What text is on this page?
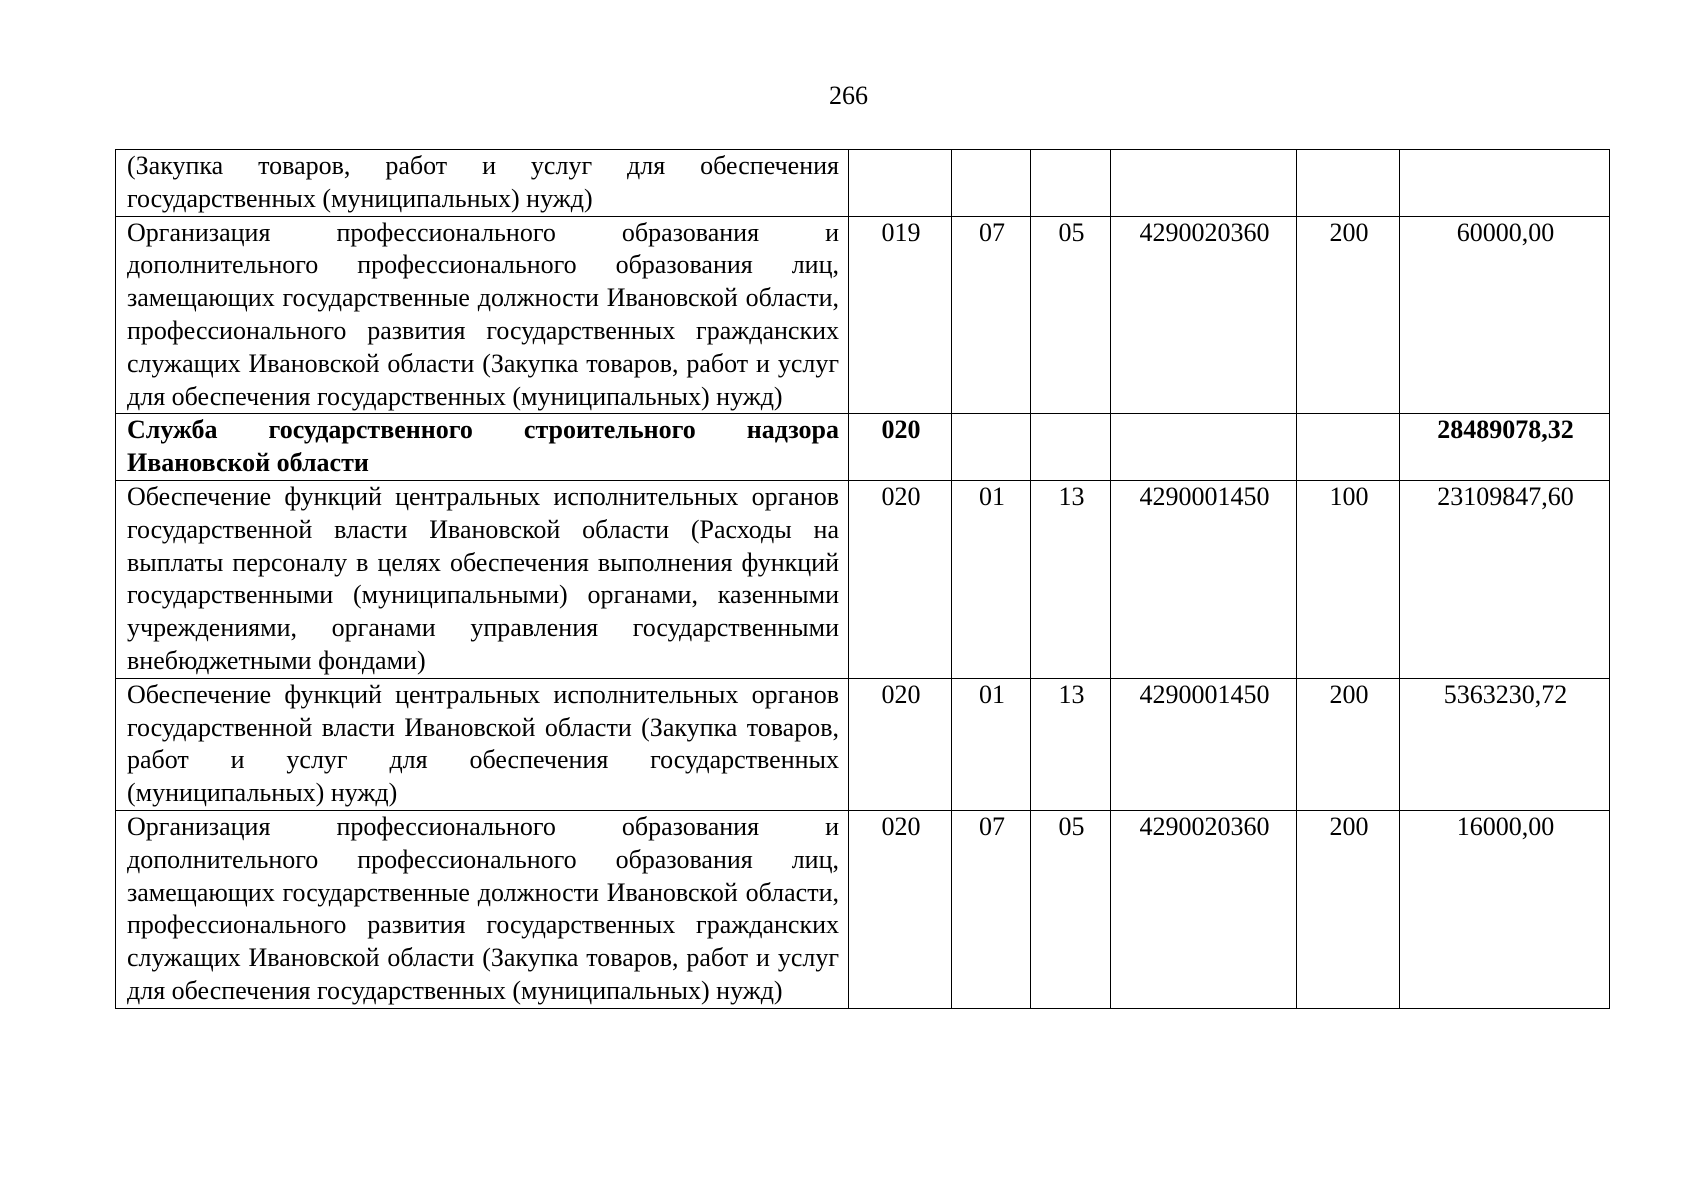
266
(Закупка товаров, работ и услуг для обеспечения государственных (муниципальных) нужд)						
Организация профессионального образования и дополнительного профессионального образования лиц, замещающих государственные должности Ивановской области, профессионального развития государственных гражданских служащих Ивановской области (Закупка товаров, работ и услуг для обеспечения государственных (муниципальных) нужд)	019	07	05	4290020360	200	60000,00
Служба государственного строительного надзора Ивановской области	020					28489078,32
Обеспечение функций центральных исполнительных органов государственной власти Ивановской области (Расходы на выплаты персоналу в целях обеспечения выполнения функций государственными (муниципальными) органами, казенными учреждениями, органами управления государственными внебюджетными фондами)	020	01	13	4290001450	100	23109847,60
Обеспечение функций центральных исполнительных органов государственной власти Ивановской области (Закупка товаров, работ и услуг для обеспечения государственных (муниципальных) нужд)	020	01	13	4290001450	200	5363230,72
Организация профессионального образования и дополнительного профессионального образования лиц, замещающих государственные должности Ивановской области, профессионального развития государственных гражданских служащих Ивановской области (Закупка товаров, работ и услуг для обеспечения государственных (муниципальных) нужд)	020	07	05	4290020360	200	16000,00
